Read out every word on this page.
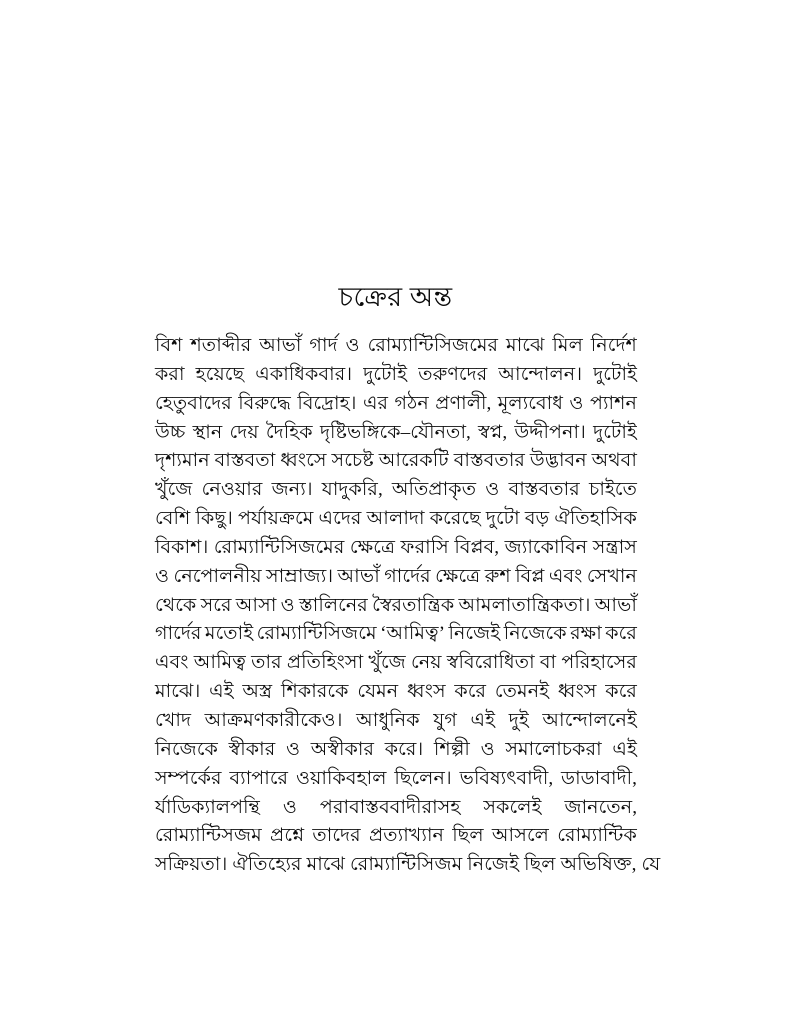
চক্রের অন্ত
বিশ শতাব্দীর আভাঁ গার্দ ও রোম্যান্টিসিজমের মাঝে মিল নির্দেশ
করা হয়েছে একাধিকবার। দুটোই তরুণদের আন্দোলন। দুটোই
হেতুবাদের বিরুদ্ধে বিদ্রোহ। এর গঠন প্রণালী, মূল্যবোধ ও প্যাশন
উচ্চ স্থান দেয় দৈহিক দৃষ্টিভঙ্গিকে–যৌনতা, স্বপ্ন, উদ্দীপনা। দুটোই
দৃশ্যমান বাস্তবতা ধ্বংসে সচেষ্ট আরেকটি বাস্তবতার উদ্ভাবন অথবা
খুঁজে নেওয়ার জন্য। যাদুকরি, অতিপ্রাকৃত ও বাস্তবতার চাইতে
বেশি কিছু। পর্যায়ক্রমে এদের আলাদা করেছে দুটো বড় ঐতিহাসিক
বিকাশ। রোম্যান্টিসিজমের ক্ষেত্রে ফরাসি বিপ্লব, জ্যাকোবিন সন্ত্রাস
ও নেপোলনীয় সাম্রাজ্য। আভাঁ গার্দের ক্ষেত্রে রুশ বিপ্ল এবং সেখান
থেকে সরে আসা ও স্তালিনের স্বৈরতান্ত্রিক আমলাতান্ত্রিকতা। আভাঁ
গার্দের মতোই রোম্যান্টিসিজমে ‘আমিত্ব’ নিজেই নিজেকে রক্ষা করে
এবং আমিত্ব তার প্রতিহিংসা খুঁজে নেয় স্ববিরোধিতা বা পরিহাসের
মাঝে। এই অস্ত্র শিকারকে যেমন ধ্বংস করে তেমনই ধ্বংস করে
খোদ আক্রমণকারীকেও। আধুনিক যুগ এই দুই আন্দোলনেই
নিজেকে স্বীকার ও অস্বীকার করে। শিল্পী ও সমালোচকরা এই
সম্পর্কের ব্যাপারে ওয়াকিবহাল ছিলেন। ভবিষ্যৎবাদী, ডাডাবাদী,
র্যাডিক্যালপন্থি ও পরাবাস্তববাদীরাসহ সকলেই জানতেন,
রোম্যান্টিসজম প্রশ্নে তাদের প্রত্যাখ্যান ছিল আসলে রোম্যান্টিক
সক্রিয়তা। ঐতিহ্যের মাঝে রোম্যান্টিসিজম নিজেই ছিল অভিষিক্ত, যে
